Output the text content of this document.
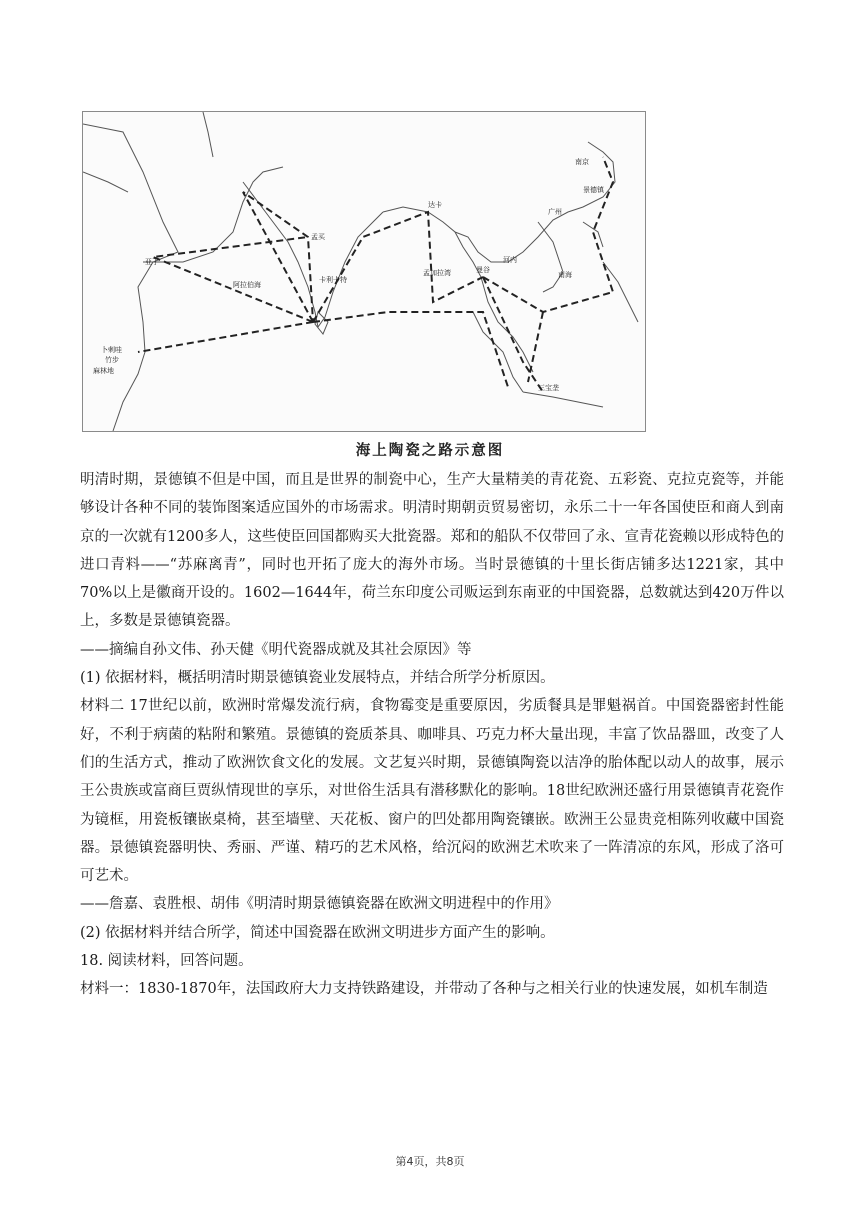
南京
景德镇
广州
达卡
孟买
亚丁
阿拉伯海
卡利卡特
孟加拉湾	曼谷
河内
南海
卜剌哇
竹步
麻林地
三宝垄
海上陶瓷之路示意图

明清时期，景德镇不但是中国，而且是世界的制瓷中心，生产大量精美的青花瓷、五彩瓷、克拉克瓷等，并能够设计各种不同的装饰图案适应国外的市场需求。明清时期朝贡贸易密切，永乐二十一年各国使臣和商人到南京的一次就有1200多人，这些使臣回国都购买大批瓷器。郑和的船队不仅带回了永、宣青花瓷赖以形成特色的进口青料——“苏麻离青”，同时也开拓了庞大的海外市场。当时景德镇的十里长街店铺多达1221家，其中70%以上是徽商开设的。1602—1644年，荷兰东印度公司贩运到东南亚的中国瓷器，总数就达到420万件以上，多数是景德镇瓷器。

——摘编自孙文伟、孙天健《明代瓷器成就及其社会原因》等

(1) 依据材料，概括明清时期景德镇瓷业发展特点，并结合所学分析原因。

材料二 17世纪以前，欧洲时常爆发流行病，食物霉变是重要原因，劣质餐具是罪魁祸首。中国瓷器密封性能好，不利于病菌的粘附和繁殖。景德镇的瓷质茶具、咖啡具、巧克力杯大量出现，丰富了饮品器皿，改变了人们的生活方式，推动了欧洲饮食文化的发展。文艺复兴时期，景德镇陶瓷以洁净的胎体配以动人的故事，展示王公贵族或富商巨贾纵情现世的享乐，对世俗生活具有潜移默化的影响。18世纪欧洲还盛行用景德镇青花瓷作为镜框，用瓷板镶嵌桌椅，甚至墙壁、天花板、窗户的凹处都用陶瓷镶嵌。欧洲王公显贵竞相陈列收藏中国瓷器。景德镇瓷器明快、秀丽、严谨、精巧的艺术风格，给沉闷的欧洲艺术吹来了一阵清凉的东风，形成了洛可可艺术。

——詹嘉、袁胜根、胡伟《明清时期景德镇瓷器在欧洲文明进程中的作用》

(2) 依据材料并结合所学，简述中国瓷器在欧洲文明进步方面产生的影响。

18. 阅读材料，回答问题。

材料一：1830-1870年，法国政府大力支持铁路建设，并带动了各种与之相关行业的快速发展，如机车制造

第4页，共8页
